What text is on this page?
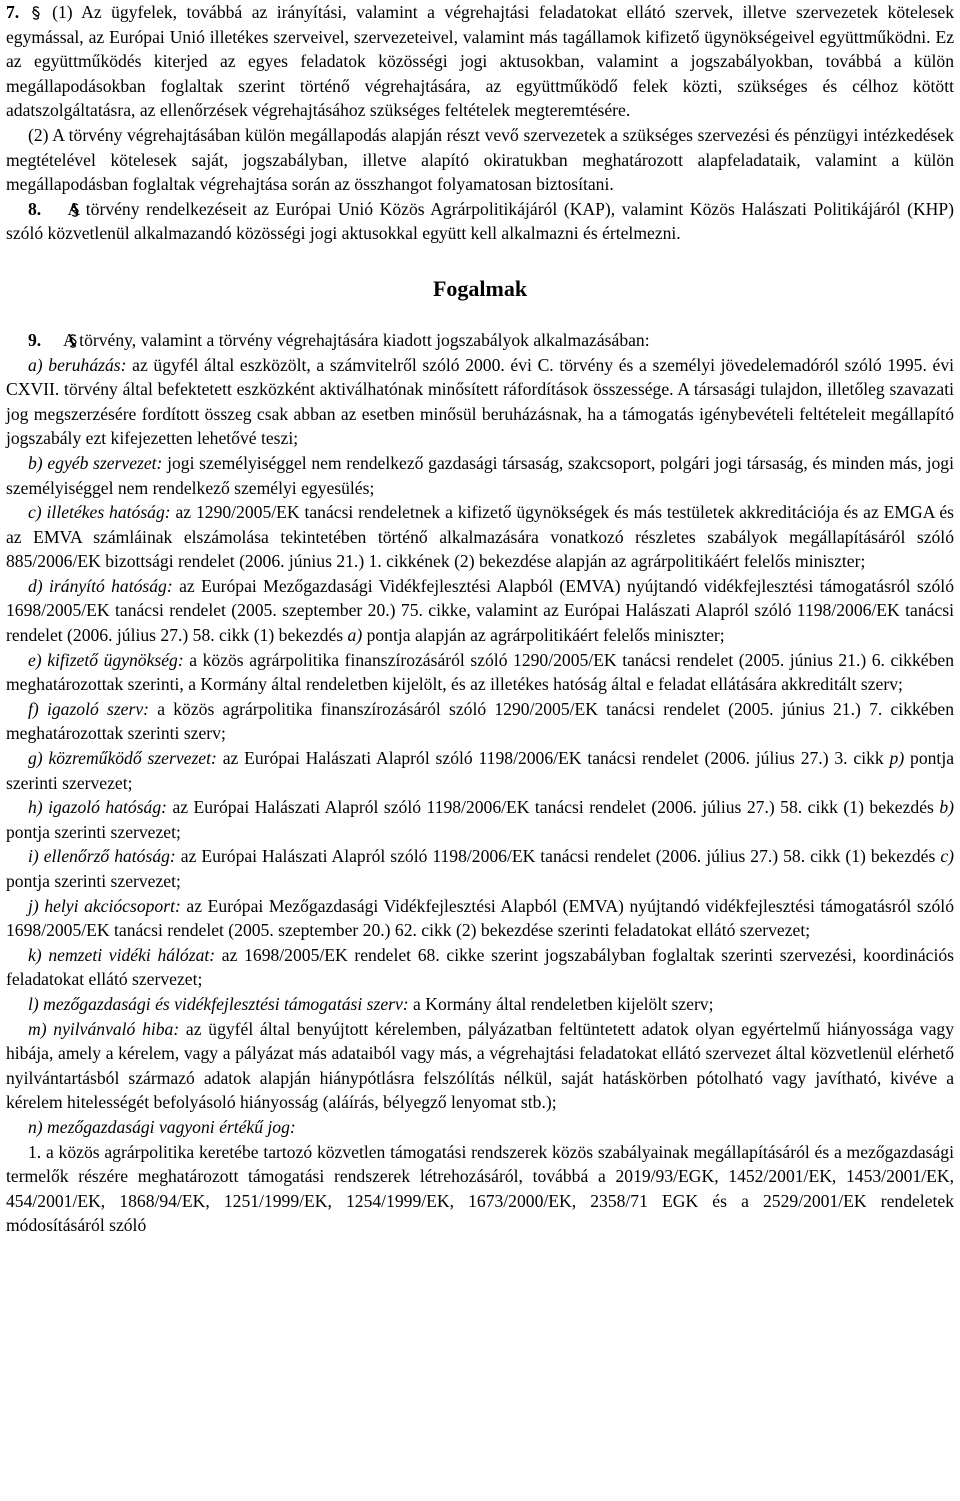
7. (1) Az ügyfelek, továbbá az irányítási, valamint a végrehajtási feladatokat ellátó szervek, illetve szervezetek kötelesek egymással, az Európai Unió illetékes szerveivel, szervezeteivel, valamint más tagállamok kifizető ügynökségeivel együttműködni. Ez az együttműködés kiterjed az egyes feladatok közösségi jogi aktusokban, valamint a jogszabályokban, továbbá a külön megállapodásokban foglaltak szerint történő végrehajtására, az együttműködő felek közti, szükséges és célhoz kötött adatszolgáltatásra, az ellenőrzések végrehajtásához szükséges feltételek megteremtésére.

(2) A törvény végrehajtásában külön megállapodás alapján részt vevő szervezetek a szükséges szervezési és pénzügyi intézkedések megtételével kötelesek saját, jogszabályban, illetve alapító okiratukban meghatározott alapfeladataik, valamint a külön megállapodásban foglaltak végrehajtása során az összhangot folyamatosan biztosítani.

8. A törvény rendelkezéseit az Európai Unió Közös Agrárpolitikájáról (KAP), valamint Közös Halászati Politikájáról (KHP) szóló közvetlenül alkalmazandó közösségi jogi aktusokkal együtt kell alkalmazni és értelmezni.

Fogalmak

9. A törvény, valamint a törvény végrehajtására kiadott jogszabályok alkalmazásában:

a) beruházás: az ügyfél által eszközölt, a számvitelről szóló 2000. évi C. törvény és a személyi jövedelemadóról szóló 1995. évi CXVII. törvény által befektetett eszközként aktiválhatónak minősített ráfordítások összessége. A társasági tulajdon, illetőleg szavazati jog megszerzésére fordított összeg csak abban az esetben minősül beruházásnak, ha a támogatás igénybevételi feltételeit megállapító jogszabály ezt kifejezetten lehetővé teszi;

b) egyéb szervezet: jogi személyiséggel nem rendelkező gazdasági társaság, szakcsoport, polgári jogi társaság, és minden más, jogi személyiséggel nem rendelkező személyi egyesülés;

c) illetékes hatóság: az 1290/2005/EK tanácsi rendeletnek a kifizető ügynökségek és más testületek akkreditációja és az EMGA és az EMVA számláinak elszámolása tekintetében történő alkalmazására vonatkozó részletes szabályok megállapításáról szóló 885/2006/EK bizottsági rendelet (2006. június 21.) 1. cikkének (2) bekezdése alapján az agrárpolitikáért felelős miniszter;

d) irányító hatóság: az Európai Mezőgazdasági Vidékfejlesztési Alapból (EMVA) nyújtandó vidékfejlesztési támogatásról szóló 1698/2005/EK tanácsi rendelet (2005. szeptember 20.) 75. cikke, valamint az Európai Halászati Alapról szóló 1198/2006/EK tanácsi rendelet (2006. július 27.) 58. cikk (1) bekezdés a) pontja alapján az agrárpolitikáért felelős miniszter;

e) kifizető ügynökség: a közös agrárpolitika finanszírozásáról szóló 1290/2005/EK tanácsi rendelet (2005. június 21.) 6. cikkében meghatározottak szerinti, a Kormány által rendeletben kijelölt, és az illetékes hatóság által e feladat ellátására akkreditált szerv;

f) igazoló szerv: a közös agrárpolitika finanszírozásáról szóló 1290/2005/EK tanácsi rendelet (2005. június 21.) 7. cikkében meghatározottak szerinti szerv;

g) közreműködő szervezet: az Európai Halászati Alapról szóló 1198/2006/EK tanácsi rendelet (2006. július 27.) 3. cikk p) pontja szerinti szervezet;

h) igazoló hatóság: az Európai Halászati Alapról szóló 1198/2006/EK tanácsi rendelet (2006. július 27.) 58. cikk (1) bekezdés b) pontja szerinti szervezet;

i) ellenőrző hatóság: az Európai Halászati Alapról szóló 1198/2006/EK tanácsi rendelet (2006. július 27.) 58. cikk (1) bekezdés c) pontja szerinti szervezet;

j) helyi akciócsoport: az Európai Mezőgazdasági Vidékfejlesztési Alapból (EMVA) nyújtandó vidékfejlesztési támogatásról szóló 1698/2005/EK tanácsi rendelet (2005. szeptember 20.) 62. cikk (2) bekezdése szerinti feladatokat ellátó szervezet;

k) nemzeti vidéki hálózat: az 1698/2005/EK rendelet 68. cikke szerint jogszabályban foglaltak szerinti szervezési, koordinációs feladatokat ellátó szervezet;

l) mezőgazdasági és vidékfejlesztési támogatási szerv: a Kormány által rendeletben kijelölt szerv;

m) nyilvánvaló hiba: az ügyfél által benyújtott kérelemben, pályázatban feltüntetett adatok olyan egyértelmű hiányossága vagy hibája, amely a kérelem, vagy a pályázat más adataiból vagy más, a végrehajtási feladatokat ellátó szervezet által közvetlenül elérhető nyilvántartásból származó adatok alapján hiánypótlásra felszólítás nélkül, saját hatáskörben pótolható vagy javítható, kivéve a kérelem hitelességét befolyásoló hiányosság (aláírás, bélyegző lenyomat stb.);

n) mezőgazdasági vagyoni értékű jog:

1. a közös agrárpolitika keretébe tartozó közvetlen támogatási rendszerek közös szabályainak megállapításáról és a mezőgazdasági termelők részére meghatározott támogatási rendszerek létrehozásáról, továbbá a 2019/93/EGK, 1452/2001/EK, 1453/2001/EK, 454/2001/EK, 1868/94/EK, 1251/1999/EK, 1254/1999/EK, 1673/2000/EK, 2358/71 EGK és a 2529/2001/EK rendeletek módosításáról szóló
